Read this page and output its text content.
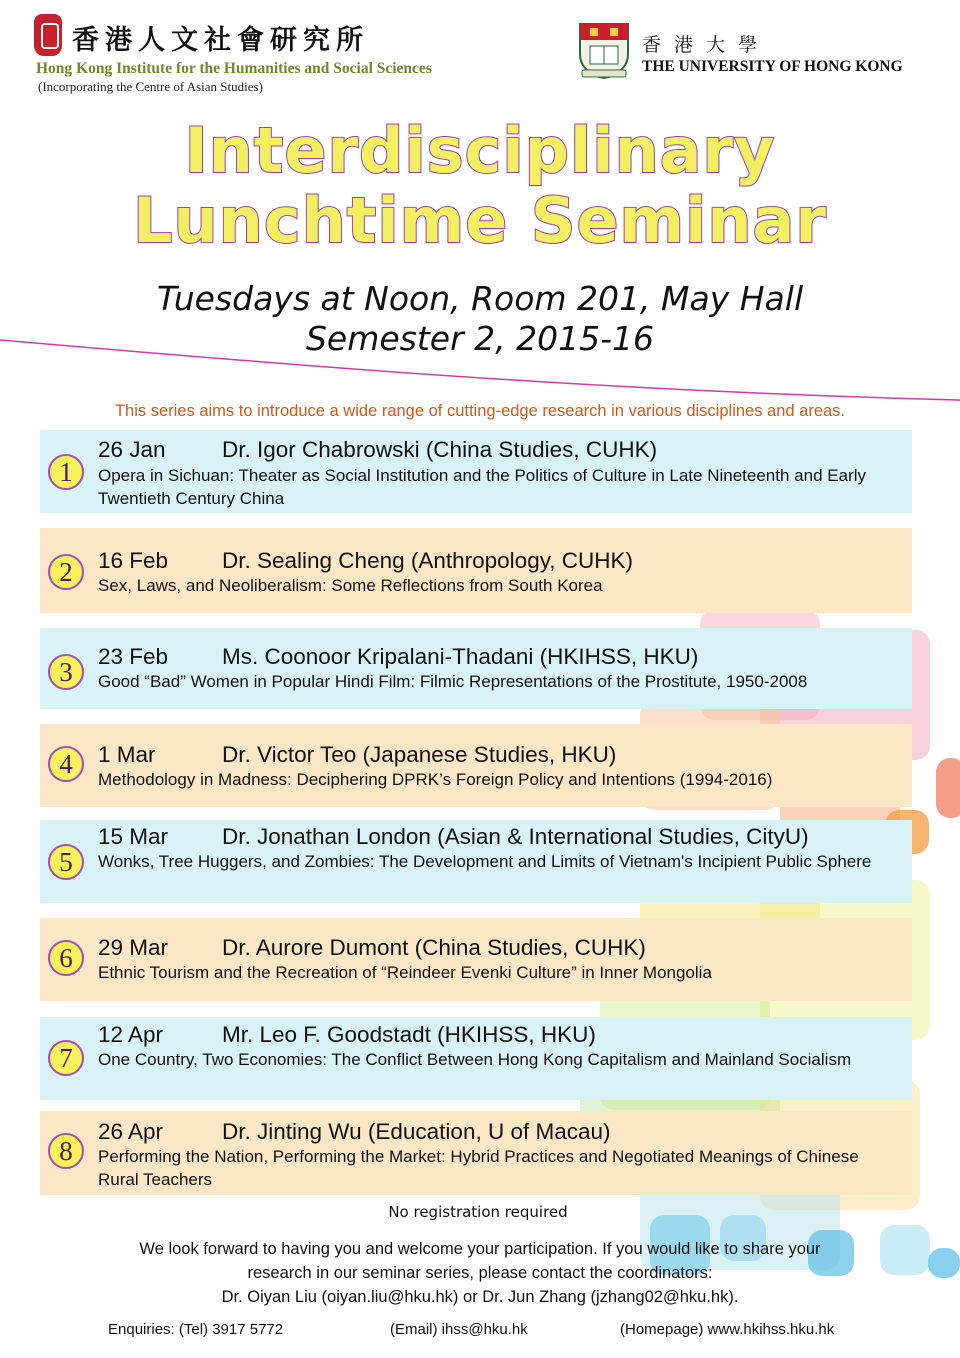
香港人文社會研究所
Hong Kong Institute for the Humanities and Social Sciences
(Incorporating the Centre of Asian Studies)
香港大學
THE UNIVERSITY OF HONG KONG
Interdisciplinary
Lunchtime Seminar
Tuesdays at Noon, Room 201, May Hall
Semester 2, 2015-16
This series aims to introduce a wide range of cutting-edge research in various disciplines and areas.
1
26 Jan	Dr. Igor Chabrowski (China Studies, CUHK)
Opera in Sichuan: Theater as Social Institution and the Politics of Culture in Late Nineteenth and Early Twentieth Century China
2	16 Feb Dr. Sealing Cheng (Anthropology, CUHK)
Sex, Laws, and Neoliberalism: Some Reflections from South Korea
3
23 Feb Ms. Coonoor Kripalani-Thadani (HKIHSS, HKU)
Good “Bad” Women in Popular Hindi Film: Filmic Representations of the Prostitute, 1950-2008
4	1 Mar	Dr. Victor Teo (Japanese Studies, HKU)
Methodology in Madness: Deciphering DPRK’s Foreign Policy and Intentions (1994-2016)
5
15 Mar Dr. Jonathan London (Asian & International Studies, CityU)
Wonks, Tree Huggers, and Zombies: The Development and Limits of Vietnam's Incipient Public Sphere
6	29 Mar Dr. Aurore Dumont (China Studies, CUHK)
Ethnic Tourism and the Recreation of “Reindeer Evenki Culture” in Inner Mongolia
7
12 Apr	Mr. Leo F. Goodstadt (HKIHSS, HKU)
One Country, Two Economies: The Conflict Between Hong Kong Capitalism and Mainland Socialism
8
26 Apr	Dr. Jinting Wu (Education, U of Macau)
Performing the Nation, Performing the Market: Hybrid Practices and Negotiated Meanings of Chinese Rural Teachers
No registration required
We look forward to having you and welcome your participation. If you would like to share your
research in our seminar series, please contact the coordinators:
Dr. Oiyan Liu (oiyan.liu@hku.hk) or Dr. Jun Zhang (jzhang02@hku.hk).
Enquiries: (Tel) 3917 5772	(Email) ihss@hku.hk	(Homepage) www.hkihss.hku.hk
